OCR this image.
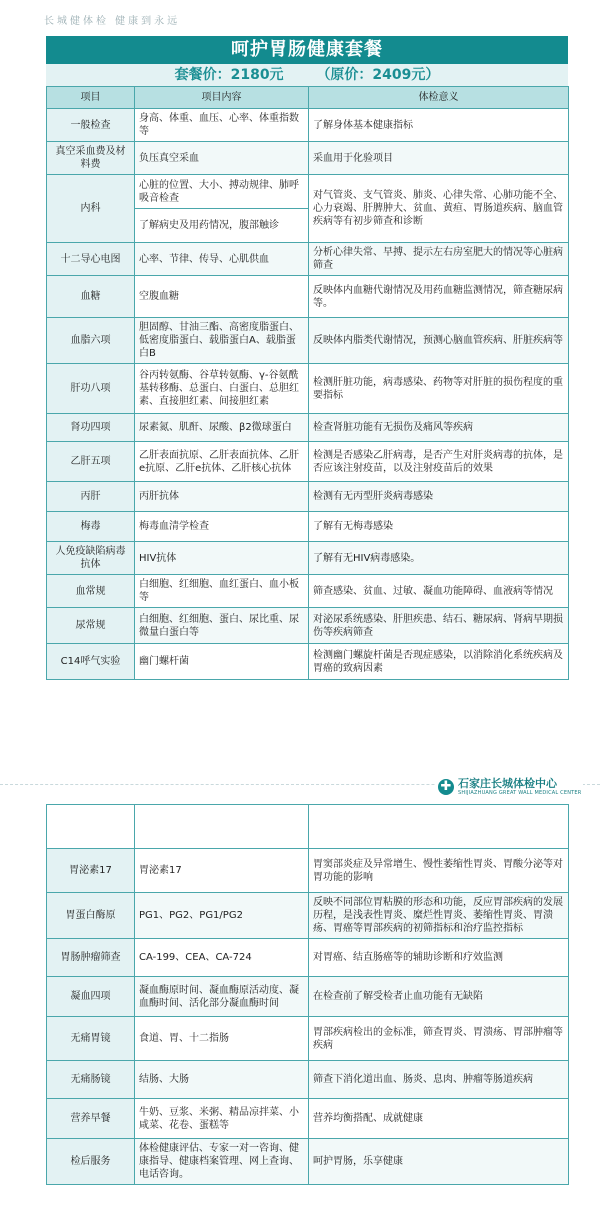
长城健体检 健康到永远
呵护胃肠健康套餐
套餐价：2180元 （原价：2409元）
项目	项目内容	体检意义
一般检查	身高、体重、血压、心率、体重指数等	了解身体基本健康指标
真空采血费及材料费	负压真空采血	采血用于化验项目
内科	心脏的位置、大小、搏动规律、肺呼吸音检查	对气管炎、支气管炎、肺炎、心律失常、心肺功能不全、心力衰竭、肝脾肿大、贫血、黄疸、胃肠道疾病、脑血管疾病等有初步筛查和诊断
	了解病史及用药情况，腹部触诊	
十二导心电图	心率、节律、传导、心肌供血	分析心律失常、早搏、提示左右房室肥大的情况等心脏病筛查
血糖	空腹血糖	反映体内血糖代谢情况及用药血糖监测情况，筛查糖尿病等。
血脂六项	胆固醇、甘油三酯、高密度脂蛋白、低密度脂蛋白、载脂蛋白A、载脂蛋白B	反映体内脂类代谢情况，预测心脑血管疾病、肝脏疾病等
肝功八项	谷丙转氨酶、谷草转氨酶、γ-谷氨酰基转移酶、总蛋白、白蛋白、总胆红素、直接胆红素、间接胆红素	检测肝脏功能，病毒感染、药物等对肝脏的损伤程度的重要指标
肾功四项	尿素氮、肌酐、尿酸、β2微球蛋白	检查肾脏功能有无损伤及痛风等疾病
乙肝五项	乙肝表面抗原、乙肝表面抗体、乙肝e抗原、乙肝e抗体、乙肝核心抗体	检测是否感染乙肝病毒，是否产生对肝炎病毒的抗体，是否应该注射疫苗，以及注射疫苗后的效果
丙肝	丙肝抗体	检测有无丙型肝炎病毒感染
梅毒	梅毒血清学检查	了解有无梅毒感染
人免疫缺陷病毒抗体	HIV抗体	了解有无HIV病毒感染。
血常规	白细胞、红细胞、血红蛋白、血小板等	筛查感染、贫血、过敏、凝血功能障碍、血液病等情况
尿常规	白细胞、红细胞、蛋白、尿比重、尿微量白蛋白等	对泌尿系统感染、肝胆疾患、结石、糖尿病、肾病早期损伤等疾病筛查
C14呼气实验	幽门螺杆菌	检测幽门螺旋杆菌是否现症感染，以消除消化系统疾病及胃癌的致病因素
✚ 石家庄长城体检中心
SHIJIAZHUANG GREAT WALL MEDICAL CENTER

胃泌素17	胃泌素17	胃窦部炎症及异常增生、慢性萎缩性胃炎、胃酸分泌等对胃功能的影响
胃蛋白酶原	PG1、PG2、PG1/PG2	反映不同部位胃粘膜的形态和功能，反应胃部疾病的发展历程，是浅表性胃炎、糜烂性胃炎、萎缩性胃炎、胃溃疡、胃癌等胃部疾病的初筛指标和治疗监控指标
胃肠肿瘤筛查	CA-199、CEA、CA-724	对胃癌、结直肠癌等的辅助诊断和疗效监测
凝血四项	凝血酶原时间、凝血酶原活动度、凝血酶时间、活化部分凝血酶时间	在检查前了解受检者止血功能有无缺陷
无痛胃镜	食道、胃、十二指肠	胃部疾病检出的金标准，筛查胃炎、胃溃疡、胃部肿瘤等疾病
无痛肠镜	结肠、大肠	筛查下消化道出血、肠炎、息肉、肿瘤等肠道疾病
营养早餐	牛奶、豆浆、米粥、精品凉拌菜、小咸菜、花卷、蛋糕等	营养均衡搭配、成就健康
检后服务	体检健康评估、专家一对一咨询、健康指导、健康档案管理、网上查询、电话咨询。	呵护胃肠，乐享健康
